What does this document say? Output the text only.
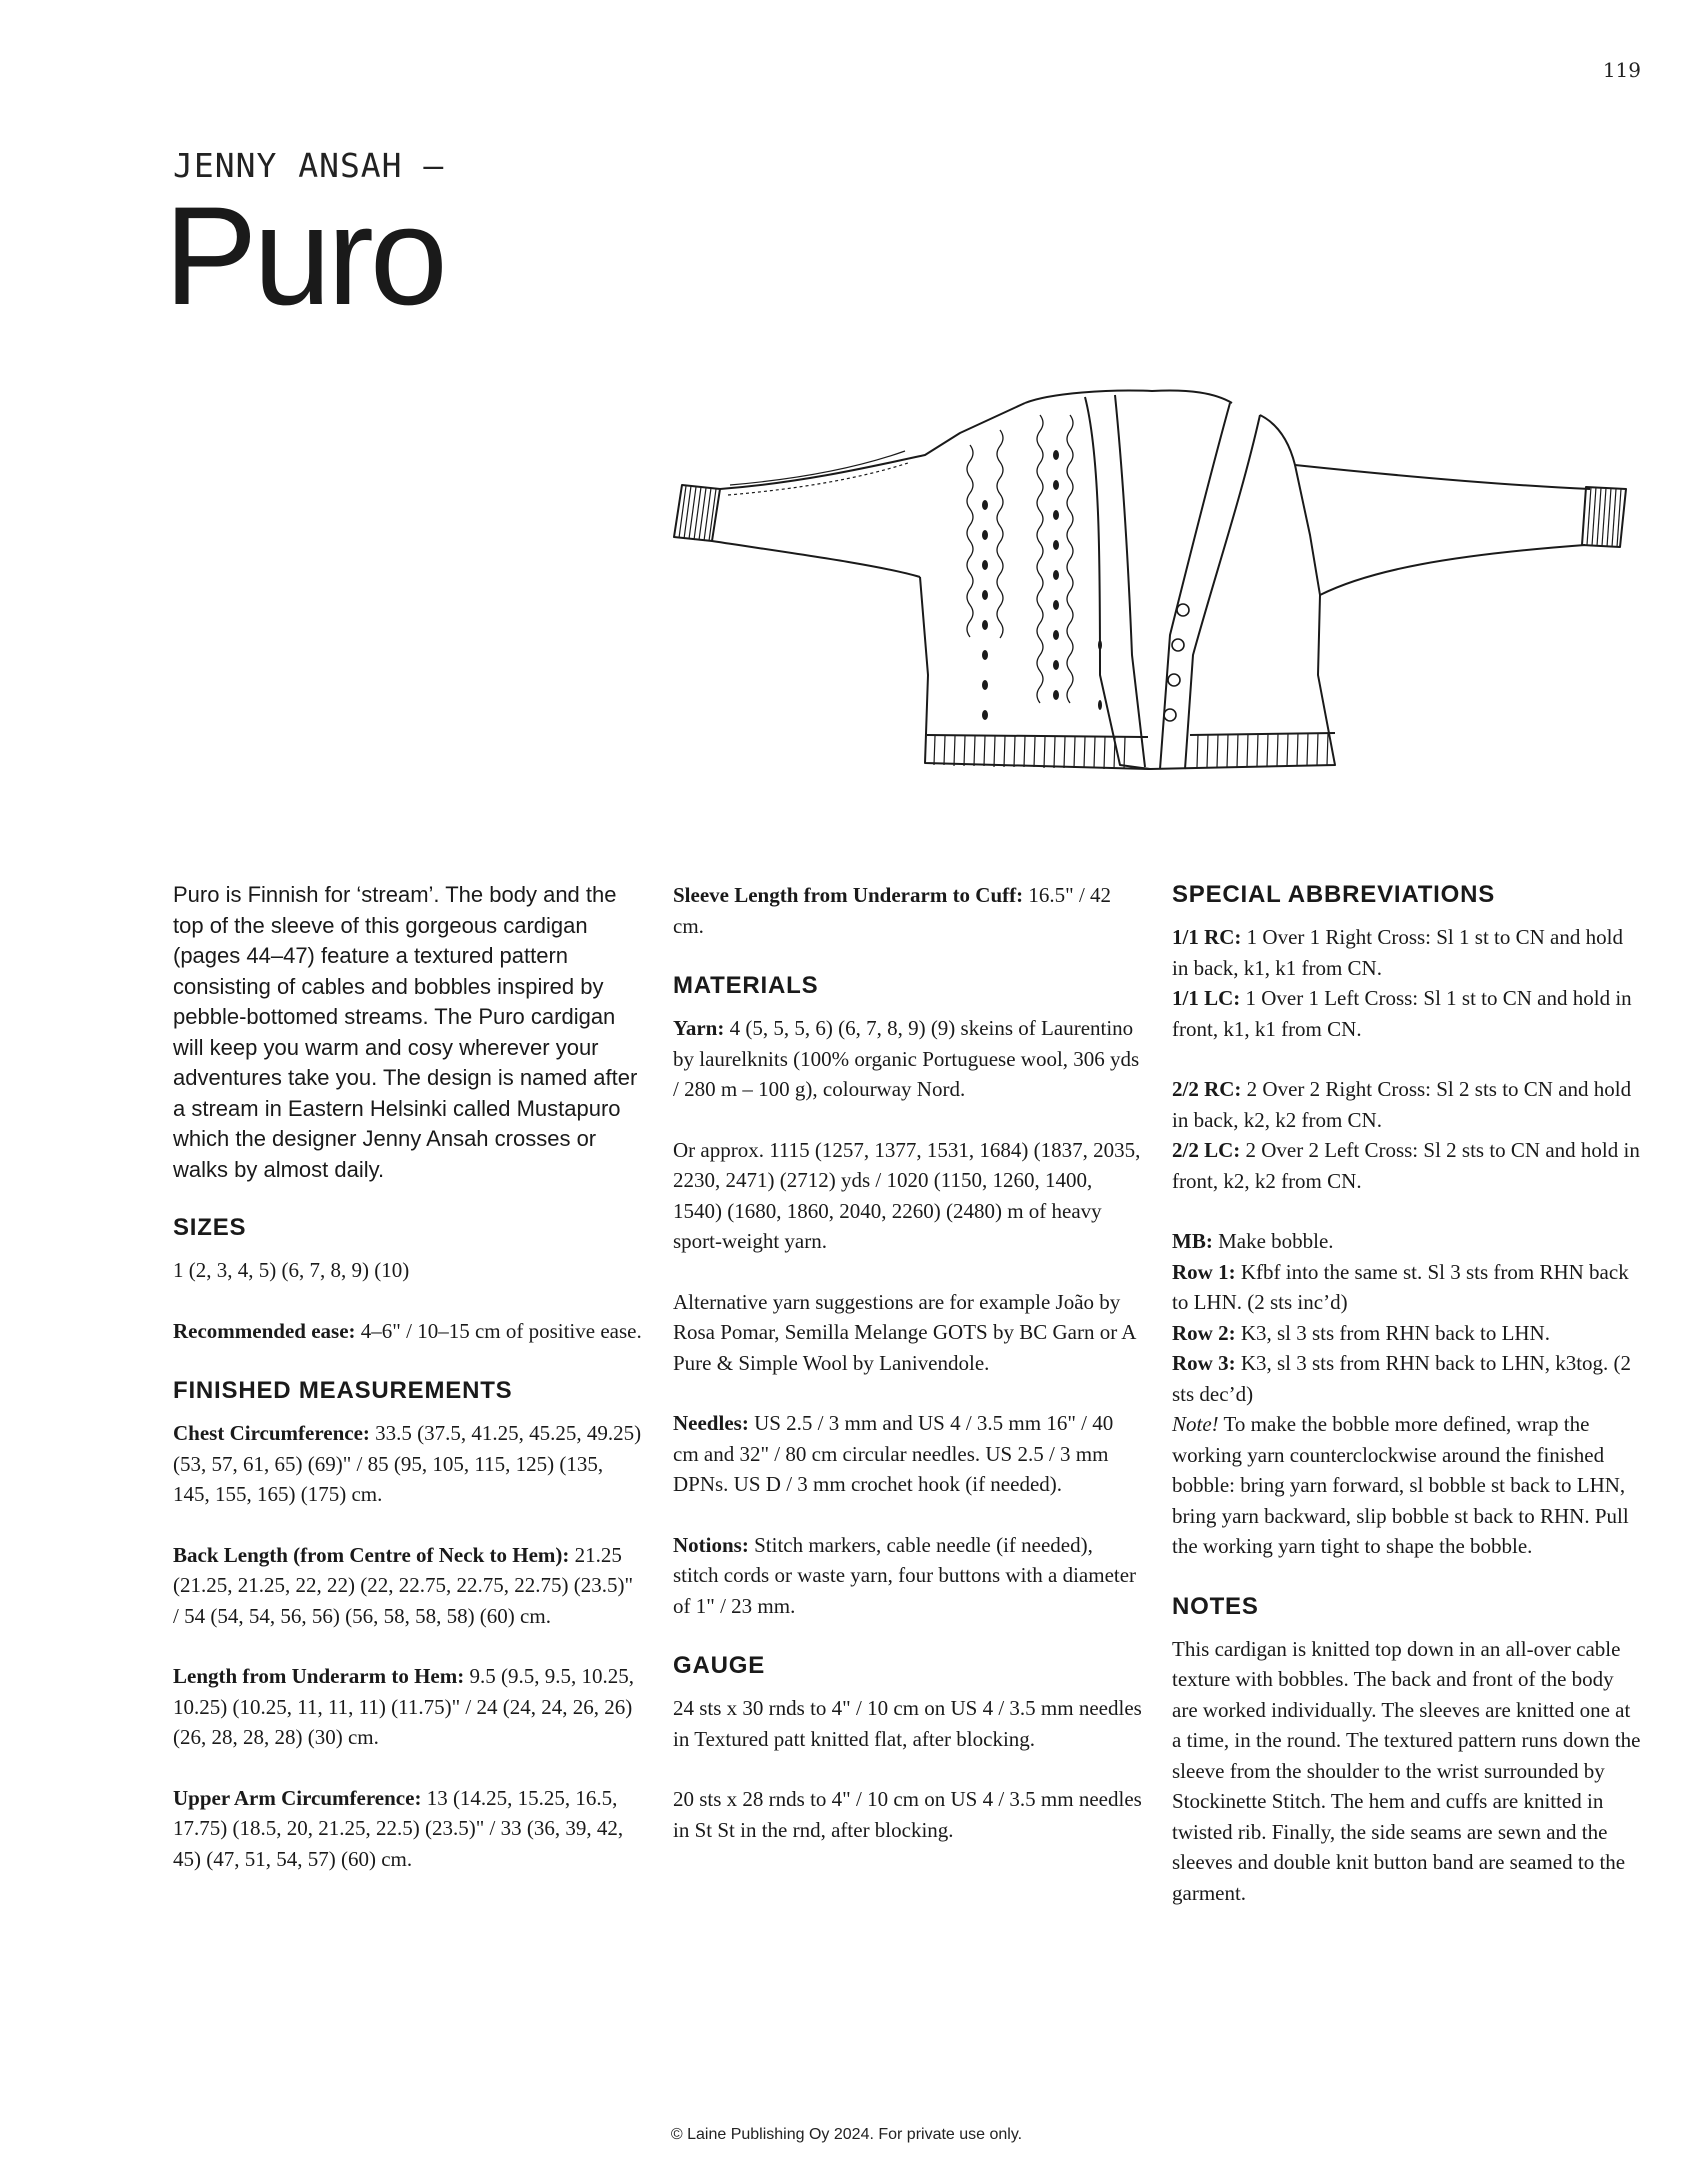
119
JENNY ANSAH –
Puro

Puro is Finnish for ‘stream’. The body and the top of the sleeve of this gorgeous cardigan (pages 44–47) feature a textured pattern consisting of cables and bobbles inspired by pebble-bottomed streams. The Puro cardigan will keep you warm and cosy wherever your adventures take you. The design is named after a stream in Eastern Helsinki called Mustapuro which the designer Jenny Ansah crosses or walks by almost daily.

SIZES

1 (2, 3, 4, 5) (6, 7, 8, 9) (10)

Recommended ease: 4–6" / 10–15 cm of positive ease.

FINISHED MEASUREMENTS

Chest Circumference: 33.5 (37.5, 41.25, 45.25, 49.25) (53, 57, 61, 65) (69)" / 85 (95, 105, 115, 125) (135, 145, 155, 165) (175) cm.

Back Length (from Centre of Neck to Hem): 21.25 (21.25, 21.25, 22, 22) (22, 22.75, 22.75, 22.75) (23.5)" / 54 (54, 54, 56, 56) (56, 58, 58, 58) (60) cm.

Length from Underarm to Hem: 9.5 (9.5, 9.5, 10.25, 10.25) (10.25, 11, 11, 11) (11.75)" / 24 (24, 24, 26, 26) (26, 28, 28, 28) (30) cm.

Upper Arm Circumference: 13 (14.25, 15.25, 16.5, 17.75) (18.5, 20, 21.25, 22.5) (23.5)" / 33 (36, 39, 42, 45) (47, 51, 54, 57) (60) cm.

Sleeve Length from Underarm to Cuff: 16.5" / 42 cm.

MATERIALS

Yarn: 4 (5, 5, 5, 6) (6, 7, 8, 9) (9) skeins of Laurentino by laurelknits (100% organic Portuguese wool, 306 yds / 280 m – 100 g), colourway Nord.

Or approx. 1115 (1257, 1377, 1531, 1684) (1837, 2035, 2230, 2471) (2712) yds / 1020 (1150, 1260, 1400, 1540) (1680, 1860, 2040, 2260) (2480) m of heavy sport-weight yarn.

Alternative yarn suggestions are for example João by Rosa Pomar, Semilla Melange GOTS by BC Garn or A Pure & Simple Wool by Lanivendole.

Needles: US 2.5 / 3 mm and US 4 / 3.5 mm 16" / 40 cm and 32" / 80 cm circular needles. US 2.5 / 3 mm DPNs. US D / 3 mm crochet hook (if needed).

Notions: Stitch markers, cable needle (if needed), stitch cords or waste yarn, four buttons with a diameter of 1" / 23 mm.

GAUGE

24 sts x 30 rnds to 4" / 10 cm on US 4 / 3.5 mm needles in Textured patt knitted flat, after blocking.

20 sts x 28 rnds to 4" / 10 cm on US 4 / 3.5 mm needles in St St in the rnd, after blocking.

SPECIAL ABBREVIATIONS

1/1 RC: 1 Over 1 Right Cross: Sl 1 st to CN and hold in back, k1, k1 from CN.
1/1 LC: 1 Over 1 Left Cross: Sl 1 st to CN and hold in front, k1, k1 from CN.

2/2 RC: 2 Over 2 Right Cross: Sl 2 sts to CN and hold in back, k2, k2 from CN.
2/2 LC: 2 Over 2 Left Cross: Sl 2 sts to CN and hold in front, k2, k2 from CN.

MB: Make bobble.
Row 1: Kfbf into the same st. Sl 3 sts from RHN back to LHN. (2 sts inc’d)
Row 2: K3, sl 3 sts from RHN back to LHN.
Row 3: K3, sl 3 sts from RHN back to LHN, k3tog. (2 sts dec’d)
Note! To make the bobble more defined, wrap the working yarn counterclockwise around the finished bobble: bring yarn forward, sl bobble st back to LHN, bring yarn backward, slip bobble st back to RHN. Pull the working yarn tight to shape the bobble.

NOTES

This cardigan is knitted top down in an all-over cable texture with bobbles. The back and front of the body are worked individually. The sleeves are knitted one at a time, in the round. The textured pattern runs down the sleeve from the shoulder to the wrist surrounded by Stockinette Stitch. The hem and cuffs are knitted in twisted rib. Finally, the side seams are sewn and the sleeves and double knit button band are seamed to the garment.

© Laine Publishing Oy 2024. For private use only.
